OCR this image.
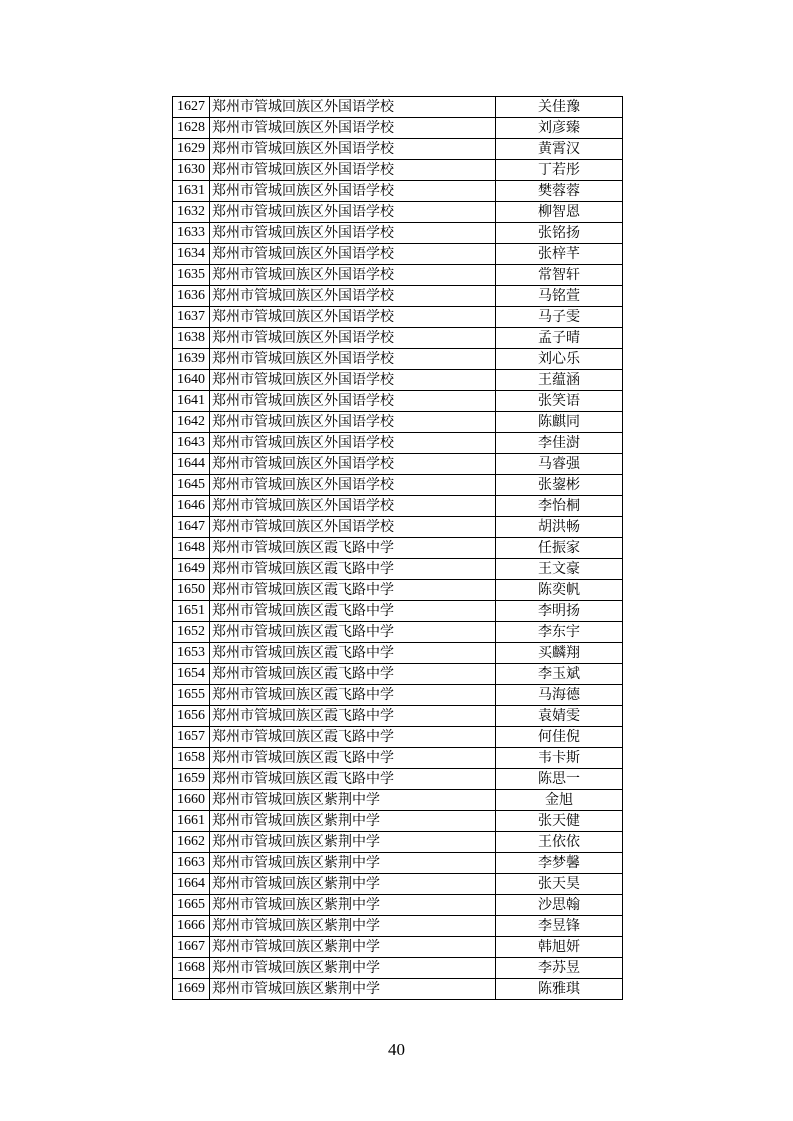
1627	郑州市管城回族区外国语学校	关佳豫
1628	郑州市管城回族区外国语学校	刘彦臻
1629	郑州市管城回族区外国语学校	黄霄汉
1630	郑州市管城回族区外国语学校	丁若彤
1631	郑州市管城回族区外国语学校	樊蓉蓉
1632	郑州市管城回族区外国语学校	柳智恩
1633	郑州市管城回族区外国语学校	张铭扬
1634	郑州市管城回族区外国语学校	张梓芊
1635	郑州市管城回族区外国语学校	常智轩
1636	郑州市管城回族区外国语学校	马铭萱
1637	郑州市管城回族区外国语学校	马子雯
1638	郑州市管城回族区外国语学校	孟子晴
1639	郑州市管城回族区外国语学校	刘心乐
1640	郑州市管城回族区外国语学校	王蕴涵
1641	郑州市管城回族区外国语学校	张笑语
1642	郑州市管城回族区外国语学校	陈麒同
1643	郑州市管城回族区外国语学校	李佳澍
1644	郑州市管城回族区外国语学校	马睿强
1645	郑州市管城回族区外国语学校	张鋆彬
1646	郑州市管城回族区外国语学校	李怡桐
1647	郑州市管城回族区外国语学校	胡洪畅
1648	郑州市管城回族区霞飞路中学	任振家
1649	郑州市管城回族区霞飞路中学	王文豪
1650	郑州市管城回族区霞飞路中学	陈奕帆
1651	郑州市管城回族区霞飞路中学	李明扬
1652	郑州市管城回族区霞飞路中学	李东宇
1653	郑州市管城回族区霞飞路中学	买麟翔
1654	郑州市管城回族区霞飞路中学	李玉斌
1655	郑州市管城回族区霞飞路中学	马海德
1656	郑州市管城回族区霞飞路中学	袁婧雯
1657	郑州市管城回族区霞飞路中学	何佳倪
1658	郑州市管城回族区霞飞路中学	韦卡斯
1659	郑州市管城回族区霞飞路中学	陈思一
1660	郑州市管城回族区紫荆中学	金旭
1661	郑州市管城回族区紫荆中学	张天健
1662	郑州市管城回族区紫荆中学	王依依
1663	郑州市管城回族区紫荆中学	李梦馨
1664	郑州市管城回族区紫荆中学	张天昊
1665	郑州市管城回族区紫荆中学	沙思翰
1666	郑州市管城回族区紫荆中学	李昱锋
1667	郑州市管城回族区紫荆中学	韩旭妍
1668	郑州市管城回族区紫荆中学	李苏昱
1669	郑州市管城回族区紫荆中学	陈雅琪
40
